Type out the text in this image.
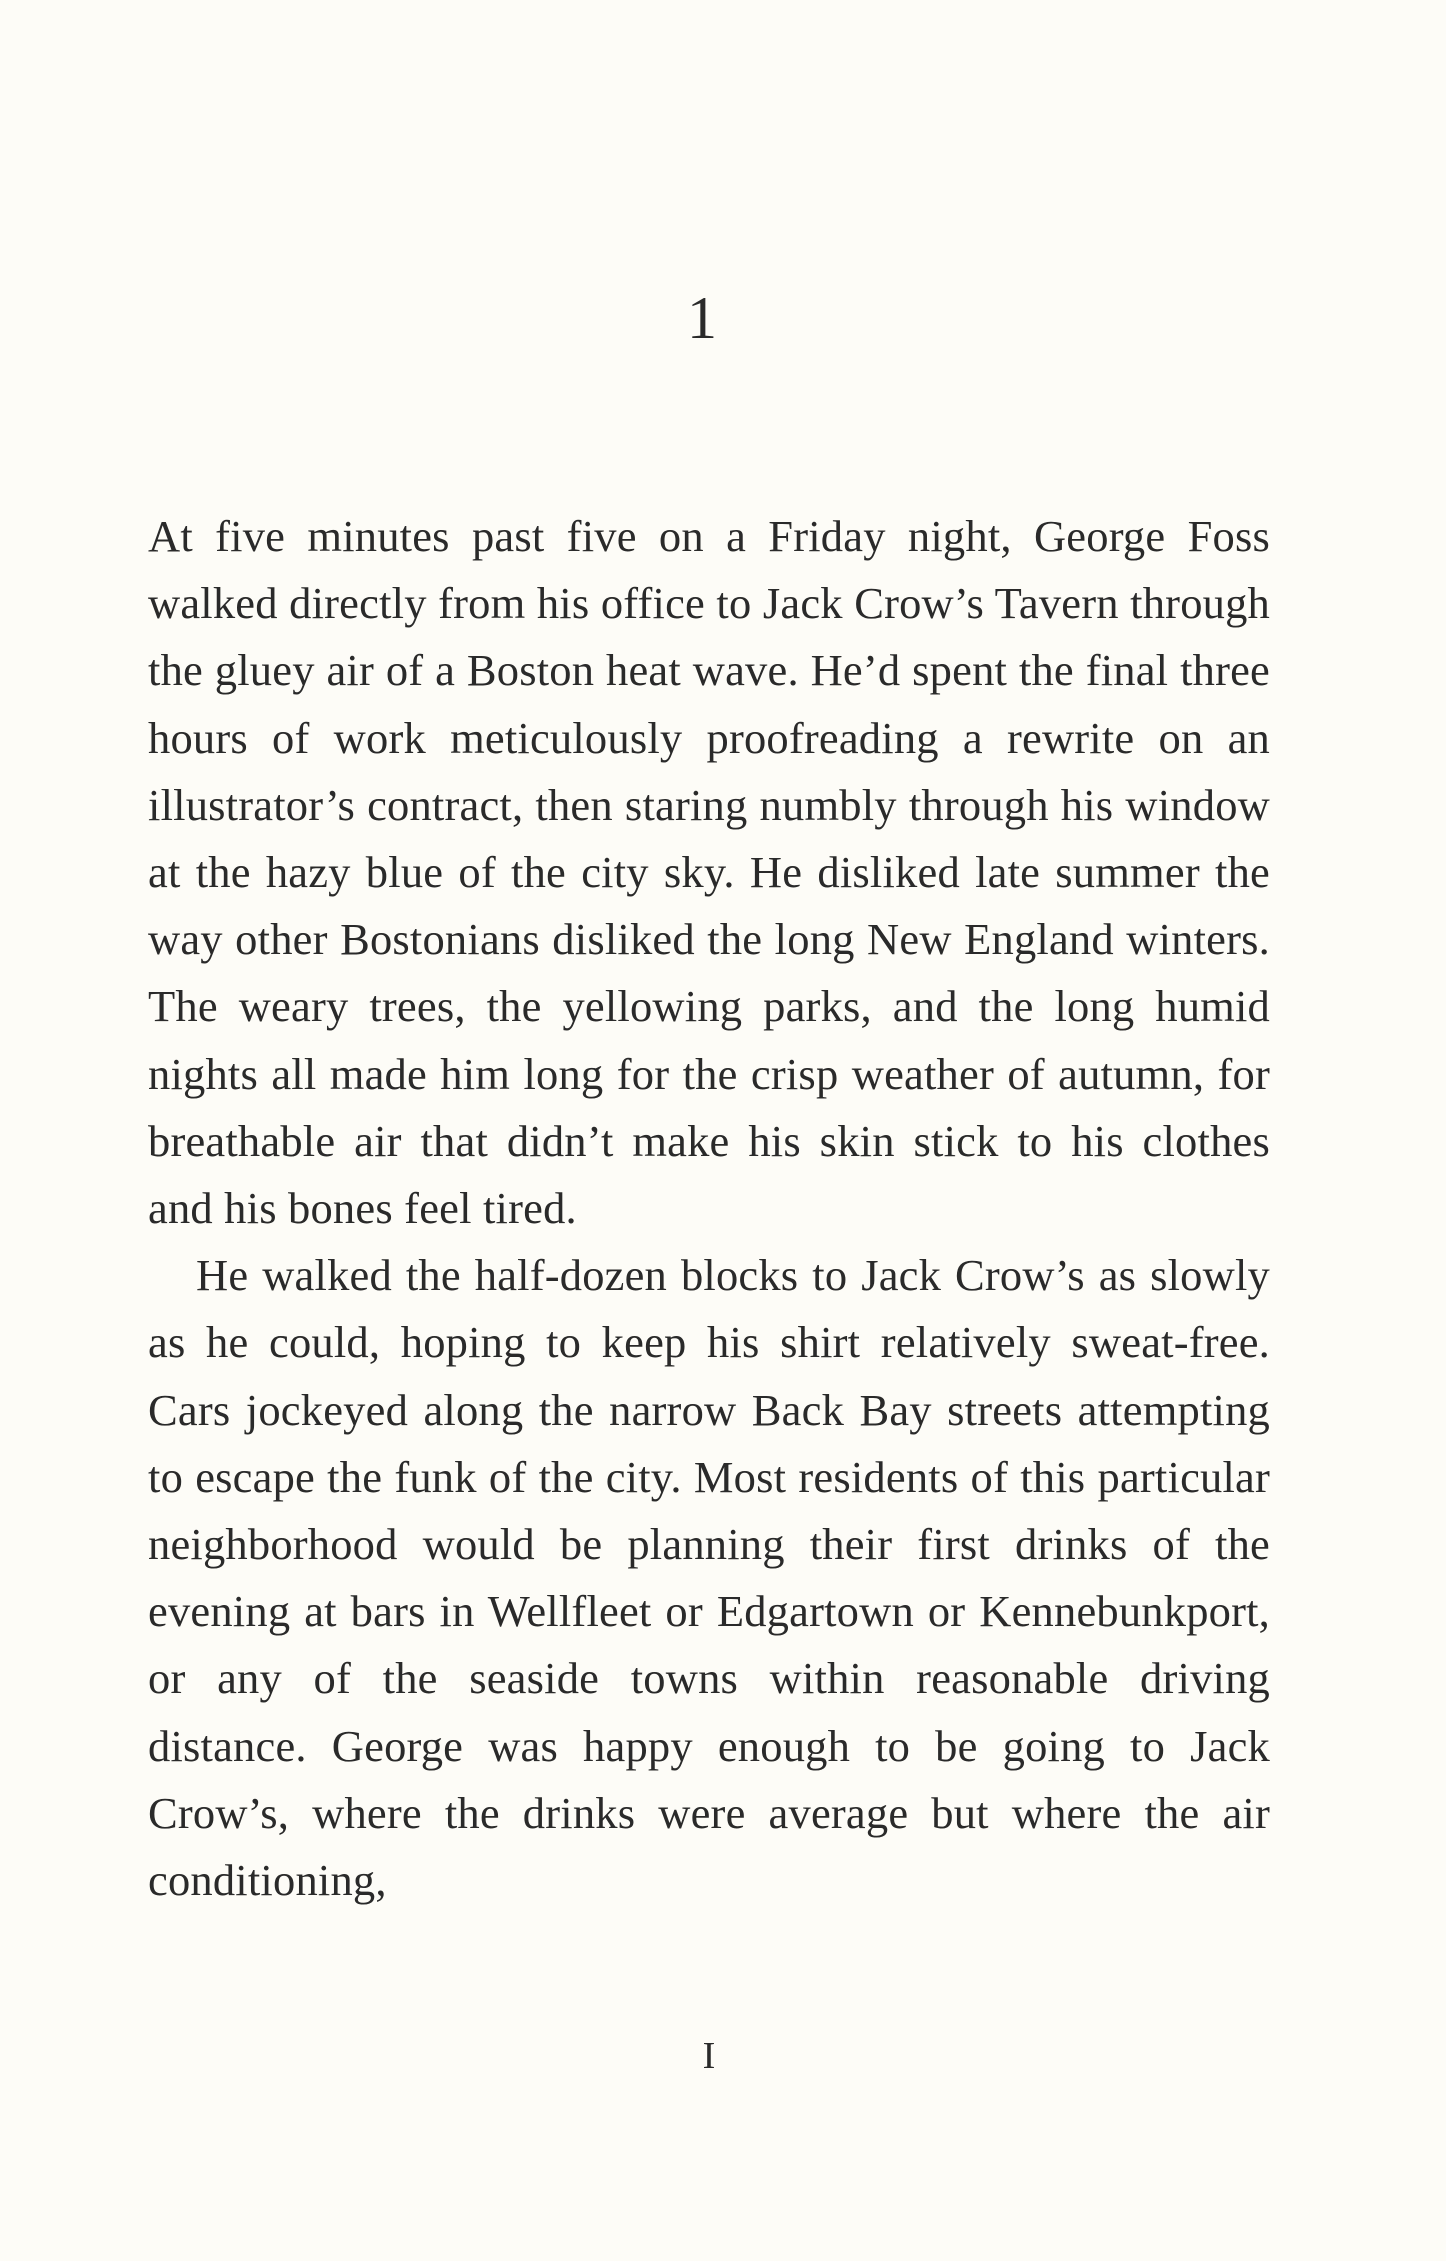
1

At five minutes past five on a Friday night, George Foss walked directly from his office to Jack Crow’s Tavern through the gluey air of a Boston heat wave. He’d spent the final three hours of work meticulously proofreading a rewrite on an illustrator’s contract, then staring numbly through his window at the hazy blue of the city sky. He disliked late summer the way other Bostonians disliked the long New England winters. The weary trees, the yellowing parks, and the long humid nights all made him long for the crisp weather of autumn, for breathable air that didn’t make his skin stick to his clothes and his bones feel tired.

He walked the half-dozen blocks to Jack Crow’s as slowly as he could, hoping to keep his shirt relatively sweat-free. Cars jockeyed along the narrow Back Bay streets attempting to escape the funk of the city. Most residents of this particular neighborhood would be planning their first drinks of the evening at bars in Wellfleet or Edgartown or Kennebunkport, or any of the seaside towns within reasonable driving distance. George was happy enough to be going to Jack Crow’s, where the drinks were average but where the air conditioning,

I
